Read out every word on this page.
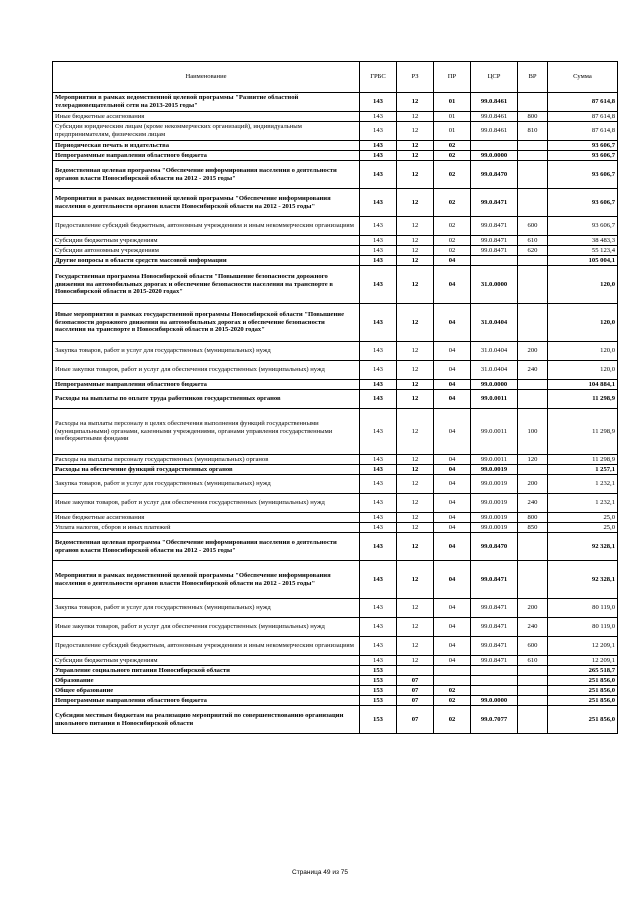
Наименование	ГРБС	РЗ	ПР	ЦСР	ВР	Сумма
Мероприятия в рамках ведомственной целевой программы "Развитие областной телерадиовещательной сети на 2013-2015 годы"	143	12	01	99.0.8461		87 614,8
Иные бюджетные ассигнования	143	12	01	99.0.8461	800	87 614,8
Субсидии юридическим лицам (кроме некоммерческих организаций), индивидуальным предпринимателям, физическим лицам	143	12	01	99.0.8461	810	87 614,8
Периодическая печать и издательства	143	12	02			93 606,7
Непрограммные направления областного бюджета	143	12	02	99.0.0000		93 606,7
Ведомственная целевая программа "Обеспечение информирования населения о деятельности органов власти Новосибирской области на 2012 - 2015 годы"	143	12	02	99.0.8470		93 606,7
Мероприятия в рамках ведомственной целевой программы "Обеспечение информирования населения о деятельности органов власти Новосибирской области на 2012 - 2015 годы"	143	12	02	99.0.8471		93 606,7
Предоставление субсидий бюджетным, автономным учреждениям и иным некоммерческим организациям	143	12	02	99.0.8471	600	93 606,7
Субсидии бюджетным учреждениям	143	12	02	99.0.8471	610	38 483,3
Субсидии автономным учреждениям	143	12	02	99.0.8471	620	55 123,4
Другие вопросы в области средств массовой информации	143	12	04			105 004,1
Государственная программа Новосибирской области "Повышение безопасности дорожного движения на автомобильных дорогах и обеспечение безопасности населения на транспорте в Новосибирской области в 2015-2020 годах"	143	12	04	31.0.0000		120,0
Иные мероприятия в рамках государственной программы Новосибирской области "Повышение безопасности дорожного движения на автомобильных дорогах и обеспечение безопасности населения на транспорте в Новосибирской области в 2015-2020 годах"	143	12	04	31.0.0404		120,0
Закупка товаров, работ и услуг для государственных (муниципальных) нужд	143	12	04	31.0.0404	200	120,0
Иные закупки товаров, работ и услуг для обеспечения государственных (муниципальных) нужд	143	12	04	31.0.0404	240	120,0
Непрограммные направления областного бюджета	143	12	04	99.0.0000		104 884,1
Расходы на выплаты по оплате труда работников государственных органов	143	12	04	99.0.0011		11 298,9
Расходы на выплаты персоналу в целях обеспечения выполнения функций государственными (муниципальными) органами, казенными учреждениями, органами управления государственными внебюджетными фондами	143	12	04	99.0.0011	100	11 298,9
Расходы на выплаты персоналу государственных (муниципальных) органов	143	12	04	99.0.0011	120	11 298,9
Расходы на обеспечение функций государственных органов	143	12	04	99.0.0019		1 257,1
Закупка товаров, работ и услуг для государственных (муниципальных) нужд	143	12	04	99.0.0019	200	1 232,1
Иные закупки товаров, работ и услуг для обеспечения государственных (муниципальных) нужд	143	12	04	99.0.0019	240	1 232,1
Иные бюджетные ассигнования	143	12	04	99.0.0019	800	25,0
Уплата налогов, сборов и иных платежей	143	12	04	99.0.0019	850	25,0
Ведомственная целевая программа "Обеспечение информирования населения о деятельности органов власти Новосибирской области на 2012 - 2015 годы"	143	12	04	99.0.8470		92 328,1
Мероприятия в рамках ведомственной целевой программы "Обеспечение информирования населения о деятельности органов власти Новосибирской области на 2012 - 2015 годы"	143	12	04	99.0.8471		92 328,1
Закупка товаров, работ и услуг для государственных (муниципальных) нужд	143	12	04	99.0.8471	200	80 119,0
Иные закупки товаров, работ и услуг для обеспечения государственных (муниципальных) нужд	143	12	04	99.0.8471	240	80 119,0
Предоставление субсидий бюджетным, автономным учреждениям и иным некоммерческим организациям	143	12	04	99.0.8471	600	12 209,1
Субсидии бюджетным учреждениям	143	12	04	99.0.8471	610	12 209,1
Управление социального питания Новосибирской области	153					265 518,7
Образование	153	07				251 856,0
Общее образование	153	07	02			251 856,0
Непрограммные направления областного бюджета	153	07	02	99.0.0000		251 856,0
Субсидии местным бюджетам на реализацию мероприятий по совершенствованию организации школьного питания в Новосибирской области	153	07	02	99.0.7077		251 856,0
Страница 49 из 75
